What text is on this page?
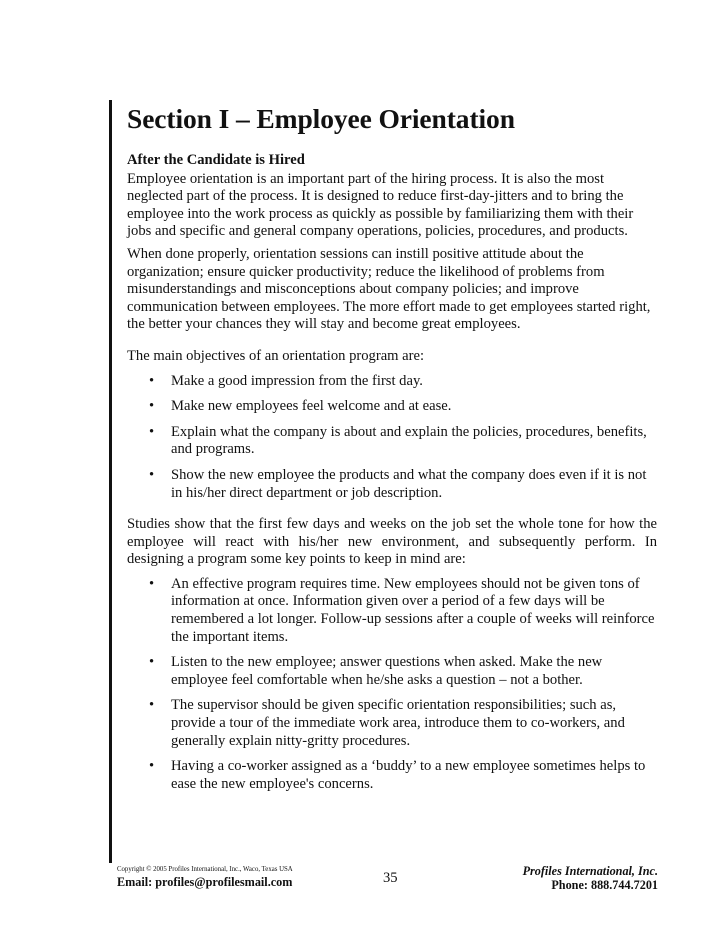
Section I – Employee Orientation
After the Candidate is Hired

Employee orientation is an important part of the hiring process. It is also the most neglected part of the process. It is designed to reduce first-day-jitters and to bring the employee into the work process as quickly as possible by familiarizing them with their jobs and specific and general company operations, policies, procedures, and products.

When done properly, orientation sessions can instill positive attitude about the organization; ensure quicker productivity; reduce the likelihood of problems from misunderstandings and misconceptions about company policies; and improve communication between employees. The more effort made to get employees started right, the better your chances they will stay and become great employees.

The main objectives of an orientation program are:

• Make a good impression from the first day.
• Make new employees feel welcome and at ease.
• Explain what the company is about and explain the policies, procedures, benefits, and programs.
• Show the new employee the products and what the company does even if it is not in his/her direct department or job description.

Studies show that the first few days and weeks on the job set the whole tone for how the employee will react with his/her new environment, and subsequently perform. In designing a program some key points to keep in mind are:

• An effective program requires time. New employees should not be given tons of information at once. Information given over a period of a few days will be remembered a lot longer. Follow-up sessions after a couple of weeks will reinforce the important items.
• Listen to the new employee; answer questions when asked. Make the new employee feel comfortable when he/she asks a question – not a bother.
• The supervisor should be given specific orientation responsibilities; such as, provide a tour of the immediate work area, introduce them to co-workers, and generally explain nitty-gritty procedures.
• Having a co-worker assigned as a ‘buddy’ to a new employee sometimes helps to ease the new employee's concerns.
Copyright © 2005 Profiles International, Inc., Waco, Texas USA
Email: profiles@profilesmail.com	35	Profiles International, Inc.
Phone: 888.744.7201
